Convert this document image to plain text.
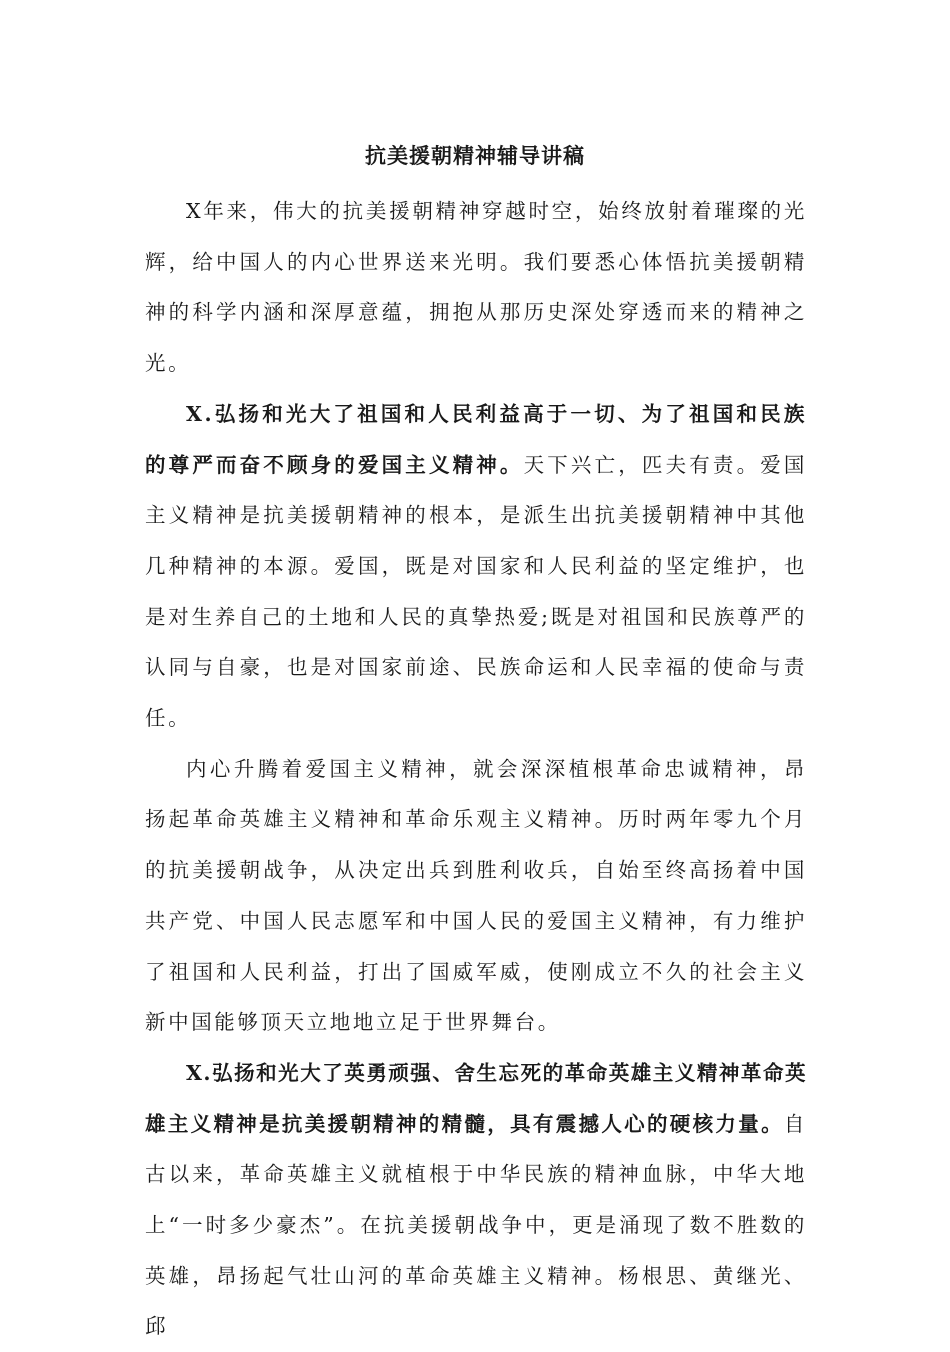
抗美援朝精神辅导讲稿

X年来，伟大的抗美援朝精神穿越时空，始终放射着璀璨的光辉，给中国人的内心世界送来光明。我们要悉心体悟抗美援朝精神的科学内涵和深厚意蕴，拥抱从那历史深处穿透而来的精神之光。

X.弘扬和光大了祖国和人民利益高于一切、为了祖国和民族的尊严而奋不顾身的爱国主义精神。天下兴亡，匹夫有责。爱国主义精神是抗美援朝精神的根本，是派生出抗美援朝精神中其他几种精神的本源。爱国，既是对国家和人民利益的坚定维护，也是对生养自己的土地和人民的真挚热爱;既是对祖国和民族尊严的认同与自豪，也是对国家前途、民族命运和人民幸福的使命与责任。

内心升腾着爱国主义精神，就会深深植根革命忠诚精神，昂扬起革命英雄主义精神和革命乐观主义精神。历时两年零九个月的抗美援朝战争，从决定出兵到胜利收兵，自始至终高扬着中国共产党、中国人民志愿军和中国人民的爱国主义精神，有力维护了祖国和人民利益，打出了国威军威，使刚成立不久的社会主义新中国能够顶天立地地立足于世界舞台。

X.弘扬和光大了英勇顽强、舍生忘死的革命英雄主义精神革命英雄主义精神是抗美援朝精神的精髓，具有震撼人心的硬核力量。自古以来，革命英雄主义就植根于中华民族的精神血脉，中华大地上“一时多少豪杰”。在抗美援朝战争中，更是涌现了数不胜数的英雄，昂扬起气壮山河的革命英雄主义精神。杨根思、黄继光、邱
